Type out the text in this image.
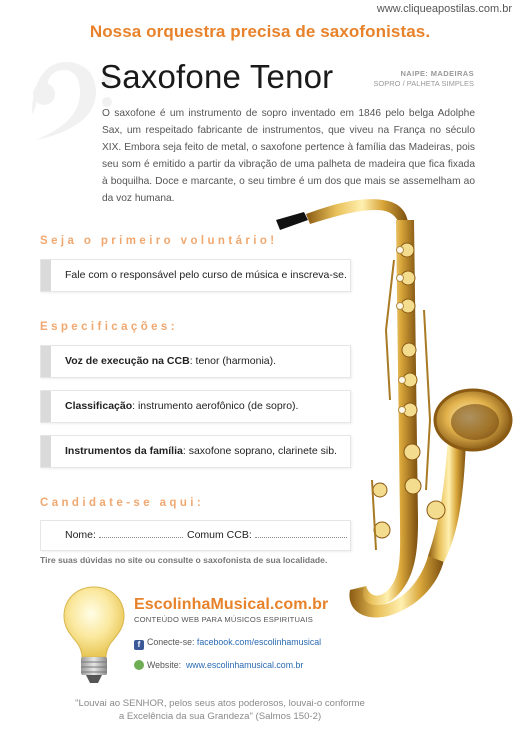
www.cliqueapostilas.com.br
Nossa orquestra precisa de saxofonistas.
Saxofone Tenor	NAIPE: MADEIRAS
SOPRO / PALHETA SIMPLES
O saxofone é um instrumento de sopro inventado em 1846 pelo belga Adolphe Sax, um respeitado fabricante de instrumentos, que viveu na França no século XIX. Embora seja feito de metal, o saxofone pertence à família das Madeiras, pois seu som é emitido a partir da vibração de uma palheta de madeira que fica fixada à boquilha. Doce e marcante, o seu timbre é um dos que mais se assemelham ao da voz humana.
Seja o primeiro voluntário!
Fale com o responsável pelo curso de música e inscreva-se.
Especificações:
Voz de execução na CCB: tenor (harmonia).
Classificação: instrumento aerofônico (de sopro).
Instrumentos da família: saxofone soprano, clarinete sib.
Candidate-se aqui:
Nome:	Comum CCB:
Tire suas dúvidas no site ou consulte o saxofonista de sua localidade.
EscolinhaMusical.com.br
CONTEÚDO WEB PARA MÚSICOS ESPIRITUAIS
f Conecte-se: facebook.com/escolinhamusical
Website: www.escolinhamusical.com.br
"Louvai ao SENHOR, pelos seus atos poderosos, louvai-o conforme
a Excelência da sua Grandeza" (Salmos 150-2)
